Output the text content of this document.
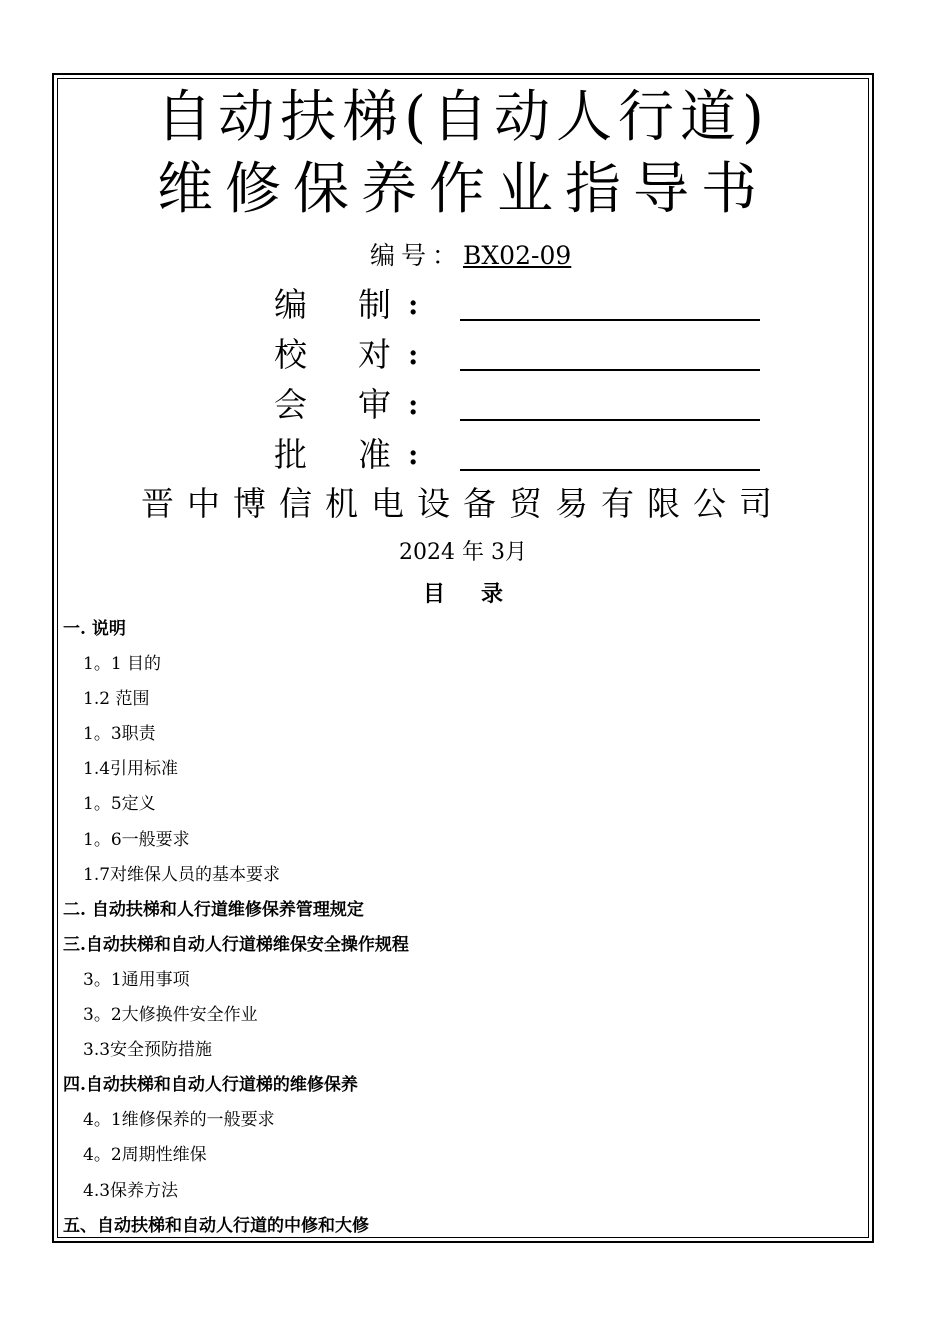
自动扶梯(自动人行道)
维修保养作业指导书
编号：BX02-09
编 制 :
校 对 :
会 审 :
批 准 :
晋中博信机电设备贸易有限公司
2024 年 3月
目录
一. 说明
1。1 目的
1.2 范围
1。3职责
1.4引用标准
1。5定义
1。6一般要求
1.7对维保人员的基本要求
二. 自动扶梯和人行道维修保养管理规定
三.自动扶梯和自动人行道梯维保安全操作规程
3。1通用事项
3。2大修换件安全作业
3.3安全预防措施
四.自动扶梯和自动人行道梯的维修保养
4。1维修保养的一般要求
4。2周期性维保
4.3保养方法
五、自动扶梯和自动人行道的中修和大修
